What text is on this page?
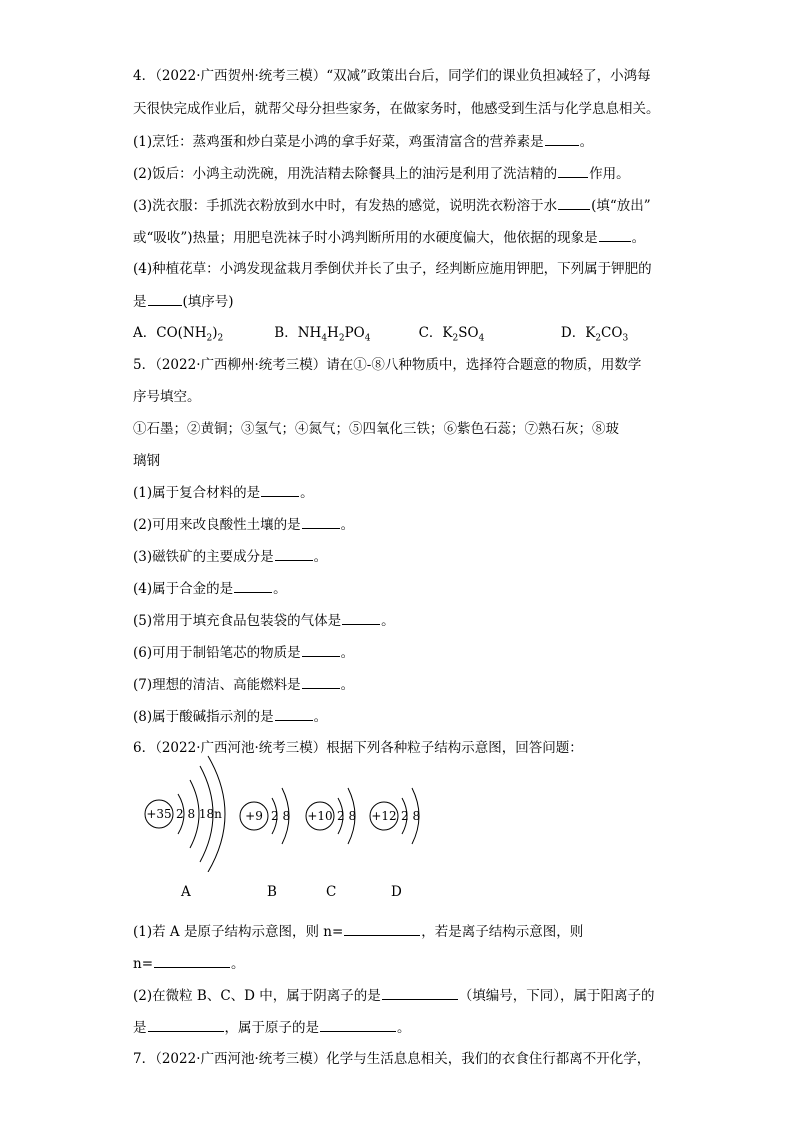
4．（2022·广西贺州·统考三模）“双减”政策出台后，同学们的课业负担减轻了，小鸿每
天很快完成作业后，就帮父母分担些家务，在做家务时，他感受到生活与化学息息相关。
(1)烹饪：蒸鸡蛋和炒白菜是小鸿的拿手好菜，鸡蛋清富含的营养素是	。
(2)饭后：小鸿主动洗碗，用洗洁精去除餐具上的油污是利用了洗洁精的 作用。
(3)洗衣服：手抓洗衣粉放到水中时，有发热的感觉，说明洗衣粉溶于水	(填“放出”
或“吸收”)热量；用肥皂洗袜子时小鸿判断所用的水硬度偏大，他依据的现象是	。
(4)种植花草：小鸿发现盆栽月季倒伏并长了虫子，经判断应施用钾肥，下列属于钾肥的
是	(填序号)
A．$CO(NH_2)_2$	B．$NH_4H_2PO_4$	C．$K_2SO_4$	D．$K_2CO_3$
5．（2022·广西柳州·统考三模）请在①-⑧八种物质中，选择符合题意的物质，用数学
序号填空。
①石墨；②黄铜；③氢气；④氮气；⑤四氧化三铁；⑥紫色石蕊；⑦熟石灰；⑧玻
璃钢
(1)属于复合材料的是	。
(2)可用来改良酸性土壤的是	。
(3)磁铁矿的主要成分是	。
(4)属于合金的是	。
(5)常用于填充食品包装袋的气体是	。
(6)可用于制铅笔芯的物质是	。
(7)理想的清洁、高能燃料是	。
(8)属于酸碱指示剂的是	。
6．（2022·广西河池·统考三模）根据下列各种粒子结构示意图，回答问题：
+35 2 8 18n +9 2 8 +10 2 8 +12 2 8
A	B	C	D
(1)若 A 是原子结构示意图，则 n=	，若是离子结构示意图，则
n=	。
(2)在微粒 B、C、D 中，属于阴离子的是	（填编号，下同），属于阳离子的
是	，属于原子的是	。
7．（2022·广西河池·统考三模）化学与生活息息相关，我们的衣食住行都离不开化学，
